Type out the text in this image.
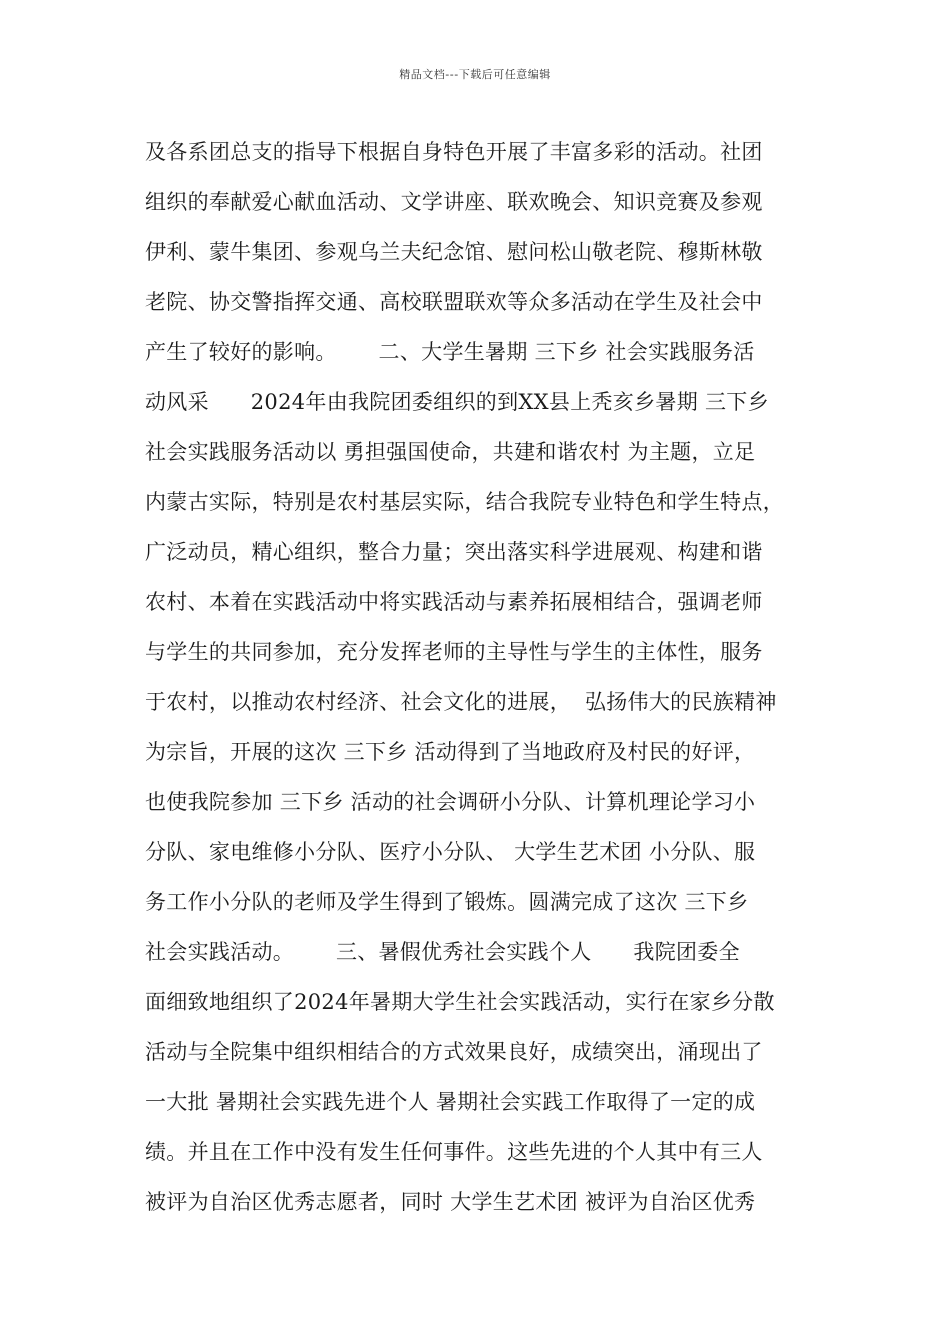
精品文档---下载后可任意编辑
及各系团总支的指导下根据自身特色开展了丰富多彩的活动。社团
组织的奉献爱心献血活动、文学讲座、联欢晚会、知识竞赛及参观
伊利、蒙牛集团、参观乌兰夫纪念馆、慰问松山敬老院、穆斯林敬
老院、协交警指挥交通、高校联盟联欢等众多活动在学生及社会中
产生了较好的影响。      二、大学生暑期 三下乡 社会实践服务活
动风采      2024年由我院团委组织的到XX县上秃亥乡暑期 三下乡
社会实践服务活动以 勇担强国使命，共建和谐农村 为主题，立足
内蒙古实际，特别是农村基层实际，结合我院专业特色和学生特点，
广泛动员，精心组织，整合力量；突出落实科学进展观、构建和谐
农村、本着在实践活动中将实践活动与素养拓展相结合，强调老师
与学生的共同参加，充分发挥老师的主导性与学生的主体性，服务
于农村，以推动农村经济、社会文化的进展，  弘扬伟大的民族精神
为宗旨，开展的这次 三下乡 活动得到了当地政府及村民的好评，
也使我院参加 三下乡 活动的社会调研小分队、计算机理论学习小
分队、家电维修小分队、医疗小分队、 大学生艺术团 小分队、服
务工作小分队的老师及学生得到了锻炼。圆满完成了这次 三下乡
社会实践活动。      三、暑假优秀社会实践个人      我院团委全
面细致地组织了2024年暑期大学生社会实践活动，实行在家乡分散
活动与全院集中组织相结合的方式效果良好，成绩突出，涌现出了
一大批 暑期社会实践先进个人 暑期社会实践工作取得了一定的成
绩。并且在工作中没有发生任何事件。这些先进的个人其中有三人
被评为自治区优秀志愿者，同时 大学生艺术团 被评为自治区优秀
